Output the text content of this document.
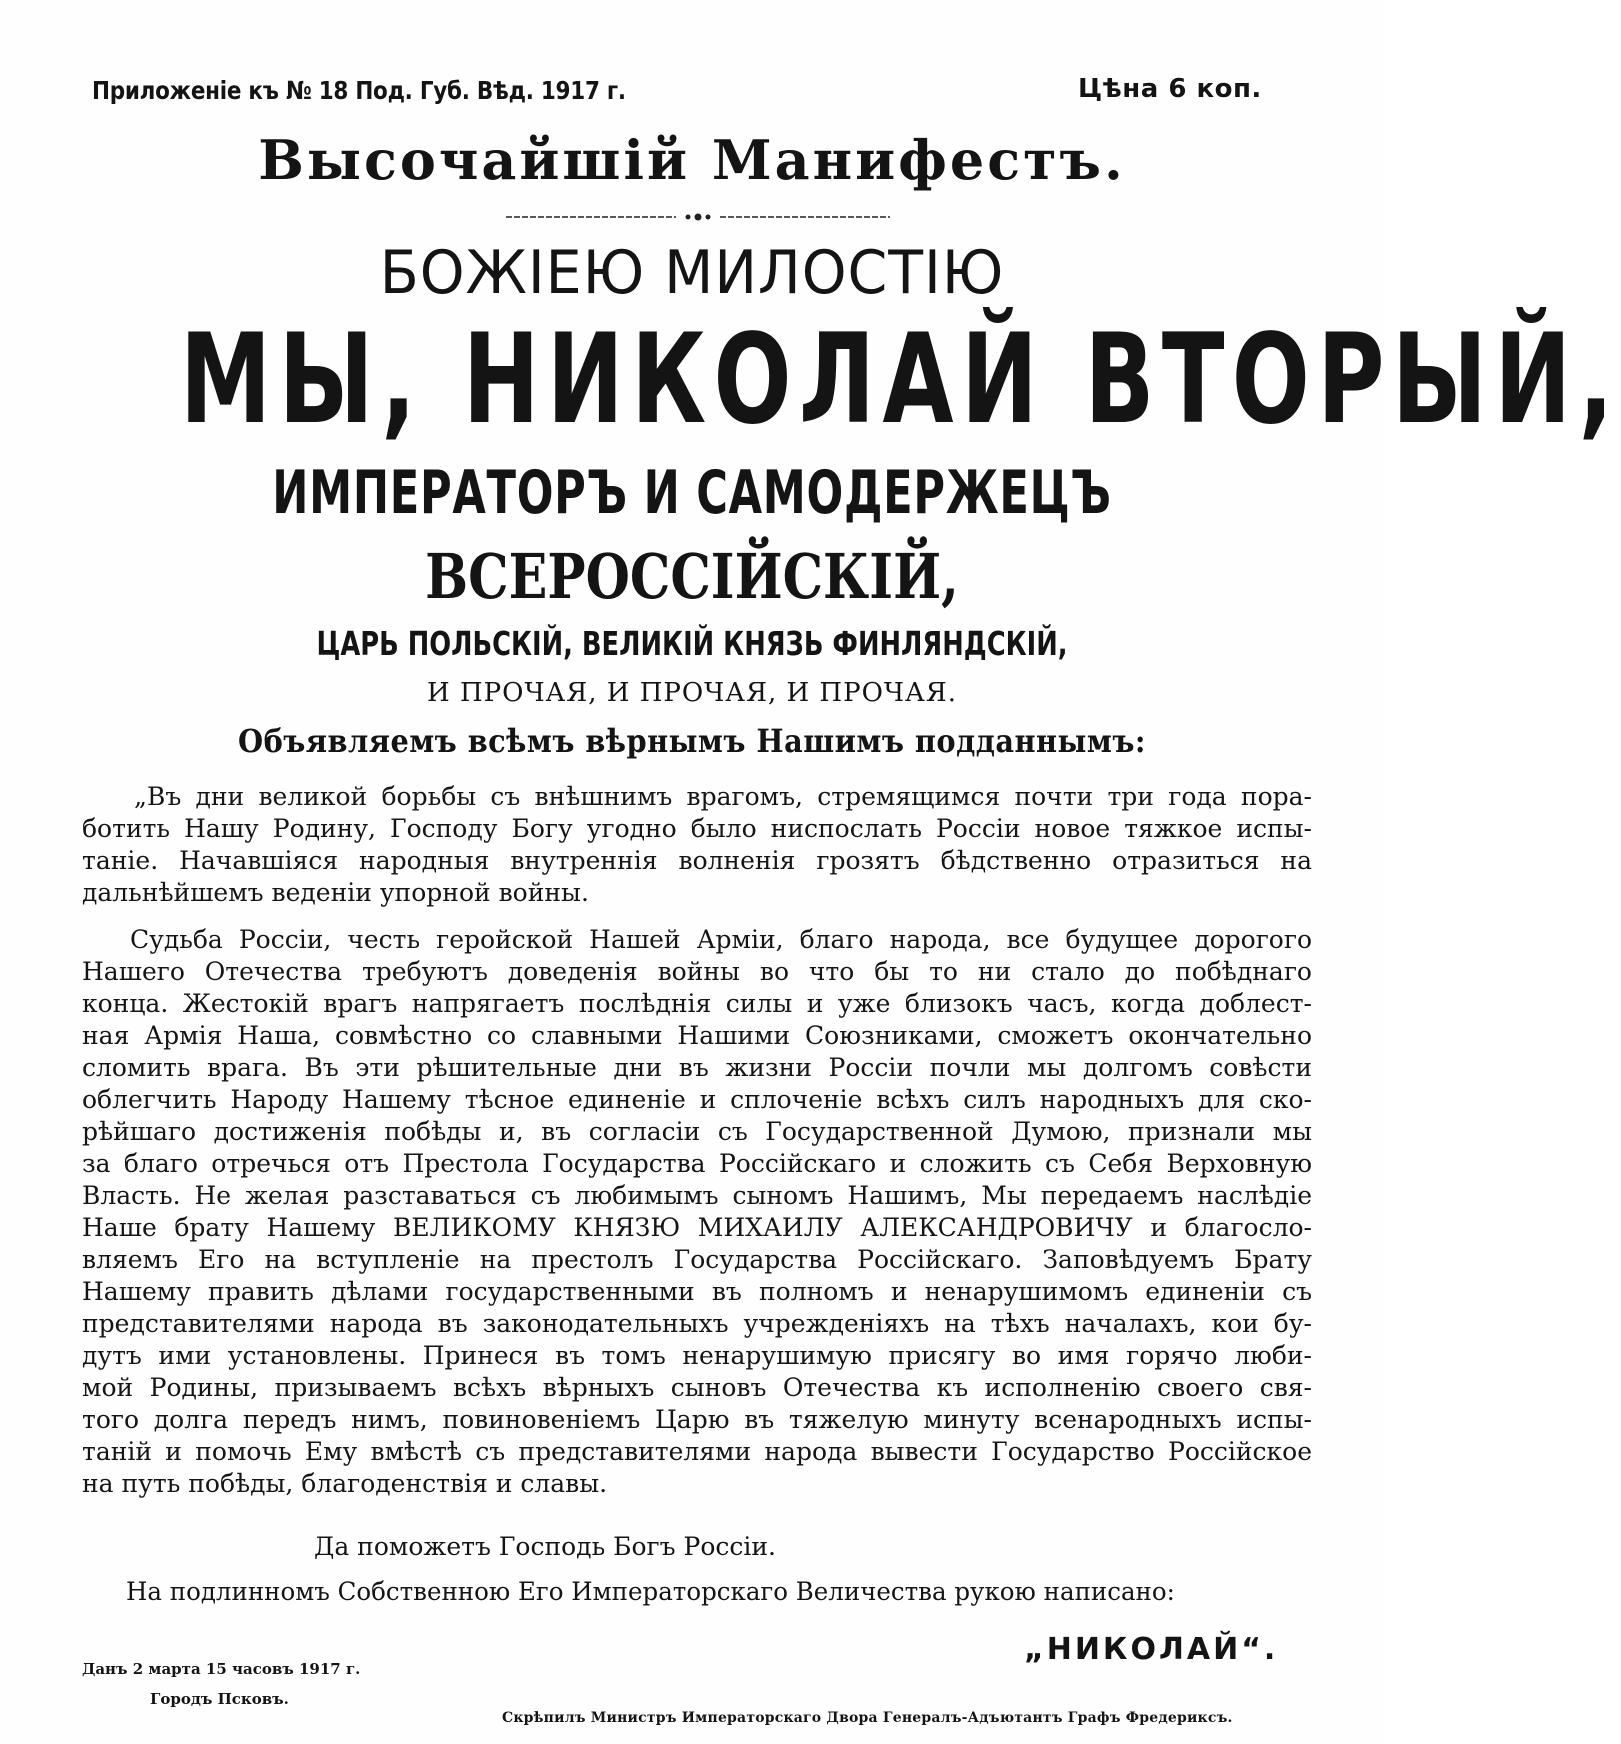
Приложеніе къ № 18 Под. Губ. Вѣд. 1917 г.	Цѣна 6 коп.
Высочайшій Манифестъ.
БОЖІЕЮ МИЛОСТІЮ
МЫ, НИКОЛАЙ ВТОРЫЙ,
ИМПЕРАТОРЪ И САМОДЕРЖЕЦЪ
ВСЕРОССІЙСКІЙ,
ЦАРЬ ПОЛЬСКІЙ, ВЕЛИКІЙ КНЯЗЬ ФИНЛЯНДСКІЙ,
И ПРОЧАЯ, И ПРОЧАЯ, И ПРОЧАЯ.
Объявляемъ всѣмъ вѣрнымъ Нашимъ подданнымъ:
„Въ дни великой борьбы съ внѣшнимъ врагомъ, стремящимся почти три года пора-
ботить Нашу Родину, Господу Богу угодно было ниспослать Россіи новое тяжкое испы-
таніе. Начавшіяся народныя внутреннія волненія грозятъ бѣдственно отразиться на
дальнѣйшемъ веденіи упорной войны.
Судьба Россіи, честь геройской Нашей Арміи, благо народа, все будущее дорогого
Нашего Отечества требуютъ доведенія войны во что бы то ни стало до побѣднаго
конца. Жестокій врагъ напрягаетъ послѣднія силы и уже близокъ часъ, когда доблест-
ная Армія Наша, совмѣстно со славными Нашими Союзниками, сможетъ окончательно
сломить врага. Въ эти рѣшительные дни въ жизни Россіи почли мы долгомъ совѣсти
облегчить Народу Нашему тѣсное единеніе и сплоченіе всѣхъ силъ народныхъ для ско-
рѣйшаго достиженія побѣды и, въ согласіи съ Государственной Думою, признали мы
за благо отречься отъ Престола Государства Россійскаго и сложить съ Себя Верховную
Власть. Не желая разставаться съ любимымъ сыномъ Нашимъ, Мы передаемъ наслѣдіе
Наше брату Нашему ВЕЛИКОМУ КНЯЗЮ МИХАИЛУ АЛЕКСАНДРОВИЧУ и благосло-
вляемъ Его на вступленіе на престолъ Государства Россійскаго. Заповѣдуемъ Брату
Нашему править дѣлами государственными въ полномъ и ненарушимомъ единеніи съ
представителями народа въ законодательныхъ учрежденіяхъ на тѣхъ началахъ, кои бу-
дутъ ими установлены. Принеся въ томъ ненарушимую присягу во имя горячо люби-
мой Родины, призываемъ всѣхъ вѣрныхъ сыновъ Отечества къ исполненію своего свя-
того долга передъ нимъ, повиновеніемъ Царю въ тяжелую минуту всенародныхъ испы-
таній и помочь Ему вмѣстѣ съ представителями народа вывести Государство Россійское
на путь побѣды, благоденствія и славы.
Да поможетъ Господь Богъ Россіи.
На подлинномъ Собственною Его Императорскаго Величества рукою написано:
„НИКОЛАЙ“.
Данъ 2 марта 15 часовъ 1917 г.
Городъ Псковъ.
Скрѣпилъ Министръ Императорскаго Двора Генералъ-Адъютантъ Графъ Фредериксъ.
